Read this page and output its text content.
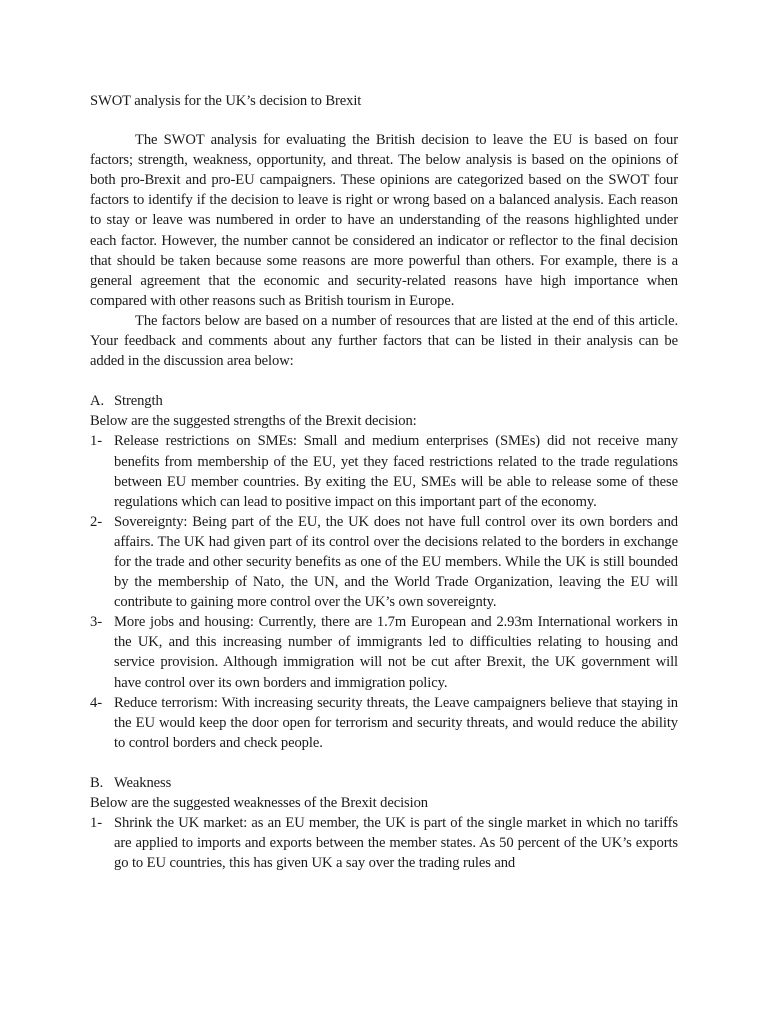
SWOT analysis for the UK’s decision to Brexit

The SWOT analysis for evaluating the British decision to leave the EU is based on four factors; strength, weakness, opportunity, and threat. The below analysis is based on the opinions of both pro-Brexit and pro-EU campaigners. These opinions are categorized based on the SWOT four factors to identify if the decision to leave is right or wrong based on a balanced analysis. Each reason to stay or leave was numbered in order to have an understanding of the reasons highlighted under each factor. However, the number cannot be considered an indicator or reflector to the final decision that should be taken because some reasons are more powerful than others. For example, there is a general agreement that the economic and security-related reasons have high importance when compared with other reasons such as British tourism in Europe.

The factors below are based on a number of resources that are listed at the end of this article. Your feedback and comments about any further factors that can be listed in their analysis can be added in the discussion area below:

A. Strength

Below are the suggested strengths of the Brexit decision:

1- Release restrictions on SMEs: Small and medium enterprises (SMEs) did not receive many benefits from membership of the EU, yet they faced restrictions related to the trade regulations between EU member countries. By exiting the EU, SMEs will be able to release some of these regulations which can lead to positive impact on this important part of the economy.
2- Sovereignty: Being part of the EU, the UK does not have full control over its own borders and affairs. The UK had given part of its control over the decisions related to the borders in exchange for the trade and other security benefits as one of the EU members. While the UK is still bounded by the membership of Nato, the UN, and the World Trade Organization, leaving the EU will contribute to gaining more control over the UK’s own sovereignty.
3- More jobs and housing: Currently, there are 1.7m European and 2.93m International workers in the UK, and this increasing number of immigrants led to difficulties relating to housing and service provision. Although immigration will not be cut after Brexit, the UK government will have control over its own borders and immigration policy.
4- Reduce terrorism: With increasing security threats, the Leave campaigners believe that staying in the EU would keep the door open for terrorism and security threats, and would reduce the ability to control borders and check people.

B. Weakness

Below are the suggested weaknesses of the Brexit decision

1- Shrink the UK market: as an EU member, the UK is part of the single market in which no tariffs are applied to imports and exports between the member states. As 50 percent of the UK’s exports go to EU countries, this has given UK a say over the trading rules and
